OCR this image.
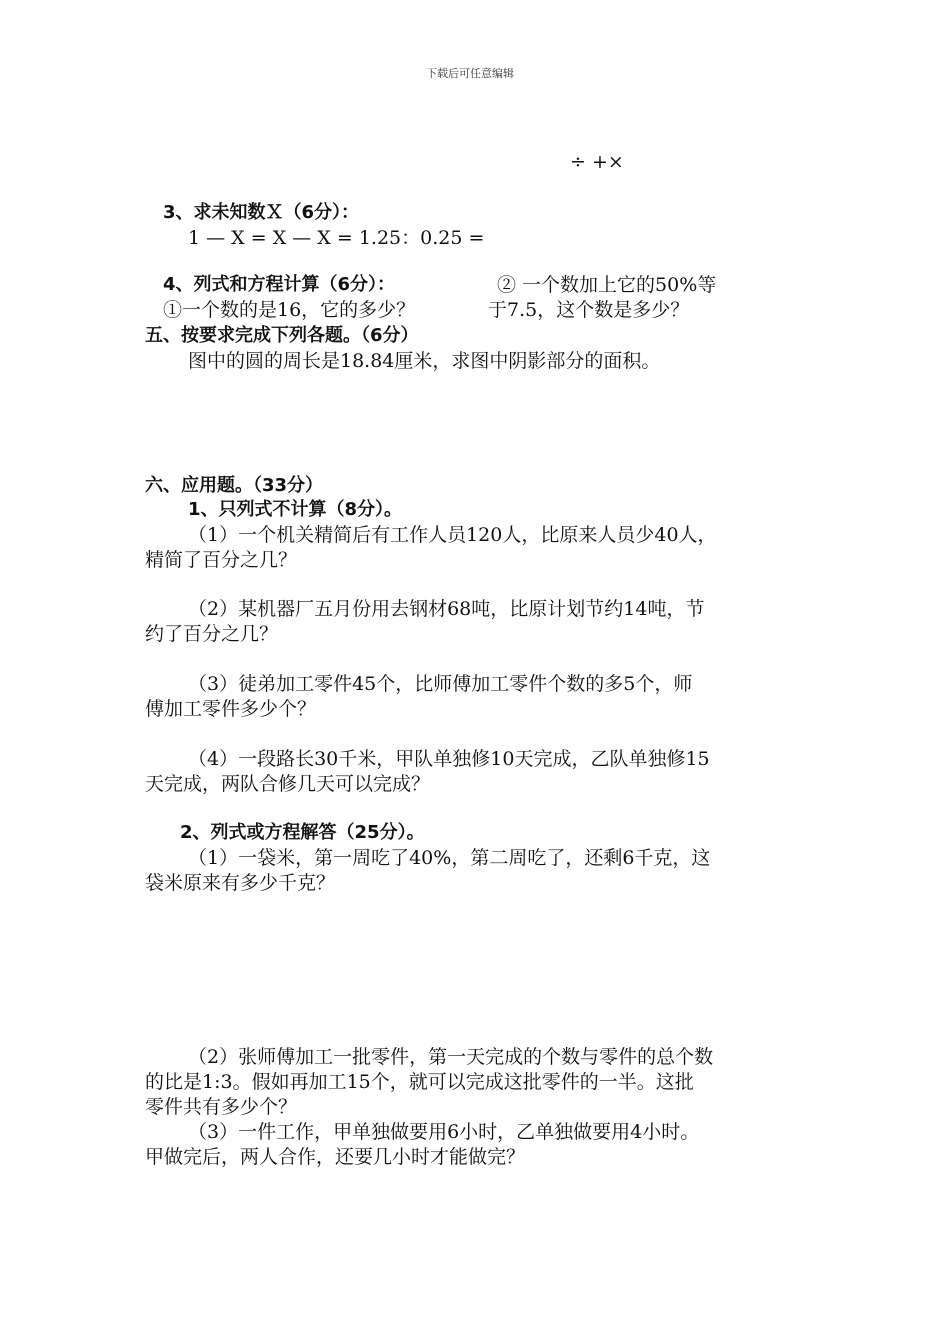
下载后可任意编辑
÷ +×
3、求未知数Ｘ（6分）：
1 — X = X — X = 1.25：0.25 =
4、列式和方程计算（6分）：	② 一个数加上它的50%等
①一个数的是16，它的多少？	于7.5，这个数是多少？
五、按要求完成下列各题。（6分）
图中的圆的周长是18.84厘米，求图中阴影部分的面积。
六、应用题。（33分）
1、只列式不计算（8分）。
（1）一个机关精简后有工作人员120人，比原来人员少40人，
精简了百分之几？
（2）某机器厂五月份用去钢材68吨，比原计划节约14吨，节
约了百分之几？
（3）徒弟加工零件45个，比师傅加工零件个数的多5个，师
傅加工零件多少个？
（4）一段路长30千米，甲队单独修10天完成，乙队单独修15
天完成，两队合修几天可以完成？
2、列式或方程解答（25分）。
（1）一袋米，第一周吃了40%，第二周吃了，还剩6千克，这
袋米原来有多少千克？
（2）张师傅加工一批零件，第一天完成的个数与零件的总个数
的比是1:3。假如再加工15个，就可以完成这批零件的一半。这批
零件共有多少个？
（3）一件工作，甲单独做要用6小时，乙单独做要用4小时。
甲做完后，两人合作，还要几小时才能做完？
